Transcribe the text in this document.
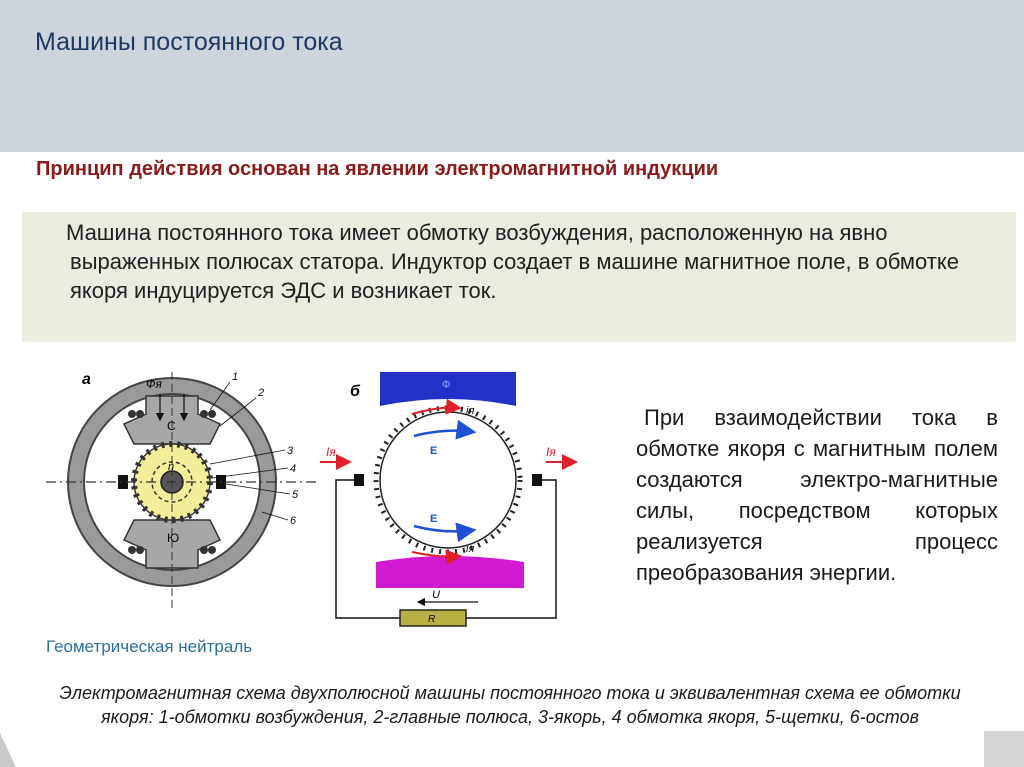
Машины постоянного тока
Принцип действия основан на явлении электромагнитной индукции
Машина постоянного тока имеет обмотку возбуждения, расположенную на явно выраженных полюсах статора. Индуктор создает в машине магнитное поле, в обмотке якоря индуцируется ЭДС и возникает ток.
а	Фя
С
Ю
n
1
2
3
4
5
6
б	Ф
Iя	Iя
iя
E
E
iя
R
U
При взаимодействии тока в обмотке якоря с магнитным полем создаются электро-магнитные силы, посредством которых реализуется процесс преобразования энергии.
Геометрическая нейтраль
Электромагнитная схема двухполюсной машины постоянного тока и эквивалентная схема ее обмотки якоря: 1-обмотки возбуждения, 2-главные полюса, 3-якорь, 4 обмотка якоря, 5-щетки, 6-остов
